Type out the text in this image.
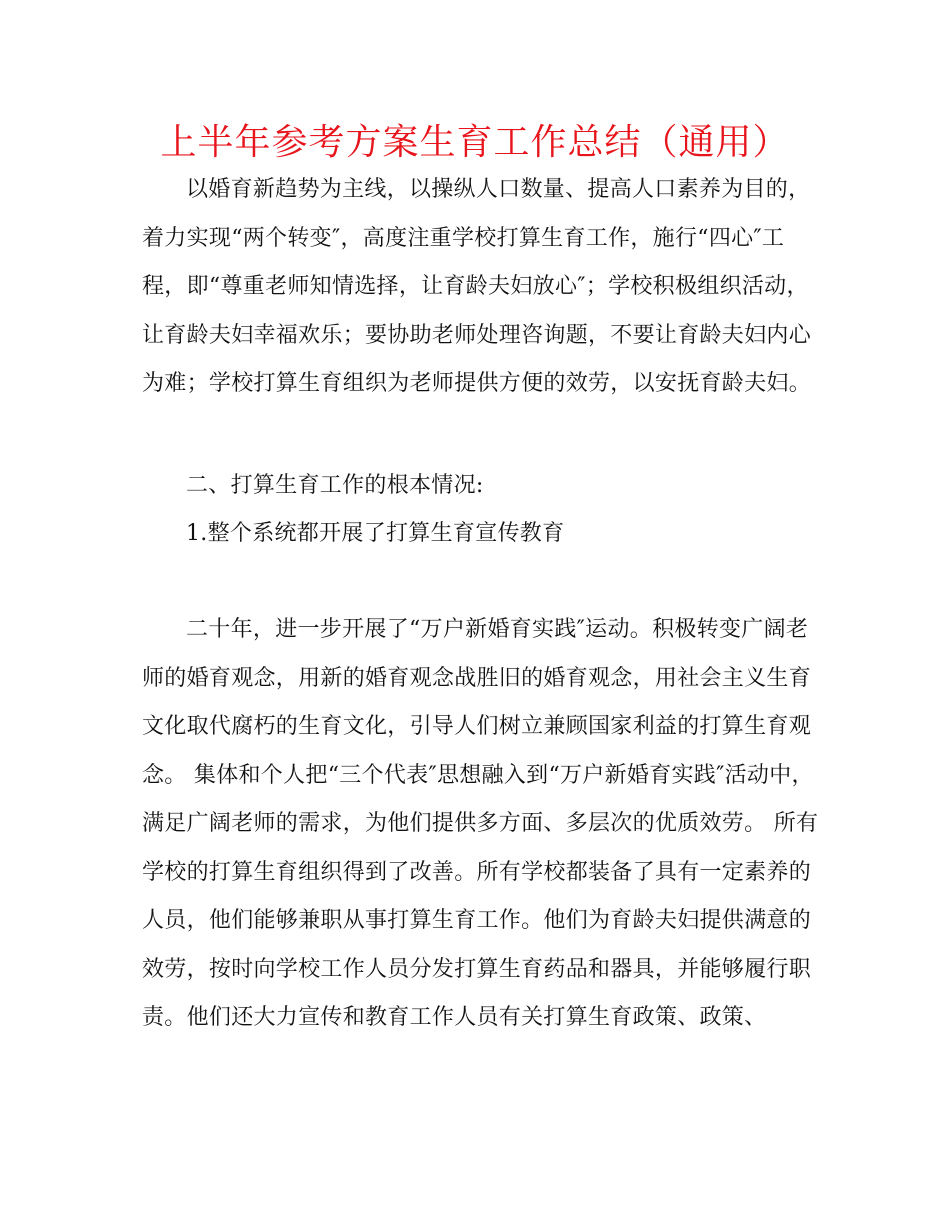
上半年参考方案生育工作总结（通用）

以婚育新趋势为主线，以操纵人口数量、提高人口素养为目的，着力实现“两个转变″，高度注重学校打算生育工作，施行“四心″工程，即“尊重老师知情选择，让育龄夫妇放心″；学校积极组织活动，让育龄夫妇幸福欢乐；要协助老师处理咨询题，不要让育龄夫妇内心为难；学校打算生育组织为老师提供方便的效劳，以安抚育龄夫妇。

二、打算生育工作的根本情况:

1.整个系统都开展了打算生育宣传教育

二十年，进一步开展了“万户新婚育实践″运动。积极转变广阔老师的婚育观念，用新的婚育观念战胜旧的婚育观念，用社会主义生育文化取代腐朽的生育文化，引导人们树立兼顾国家利益的打算生育观念。 集体和个人把“三个代表″思想融入到“万户新婚育实践″活动中，满足广阔老师的需求，为他们提供多方面、多层次的优质效劳。 所有学校的打算生育组织得到了改善。所有学校都装备了具有一定素养的人员，他们能够兼职从事打算生育工作。他们为育龄夫妇提供满意的效劳，按时向学校工作人员分发打算生育药品和器具，并能够履行职责。他们还大力宣传和教育工作人员有关打算生育政策、政策、
